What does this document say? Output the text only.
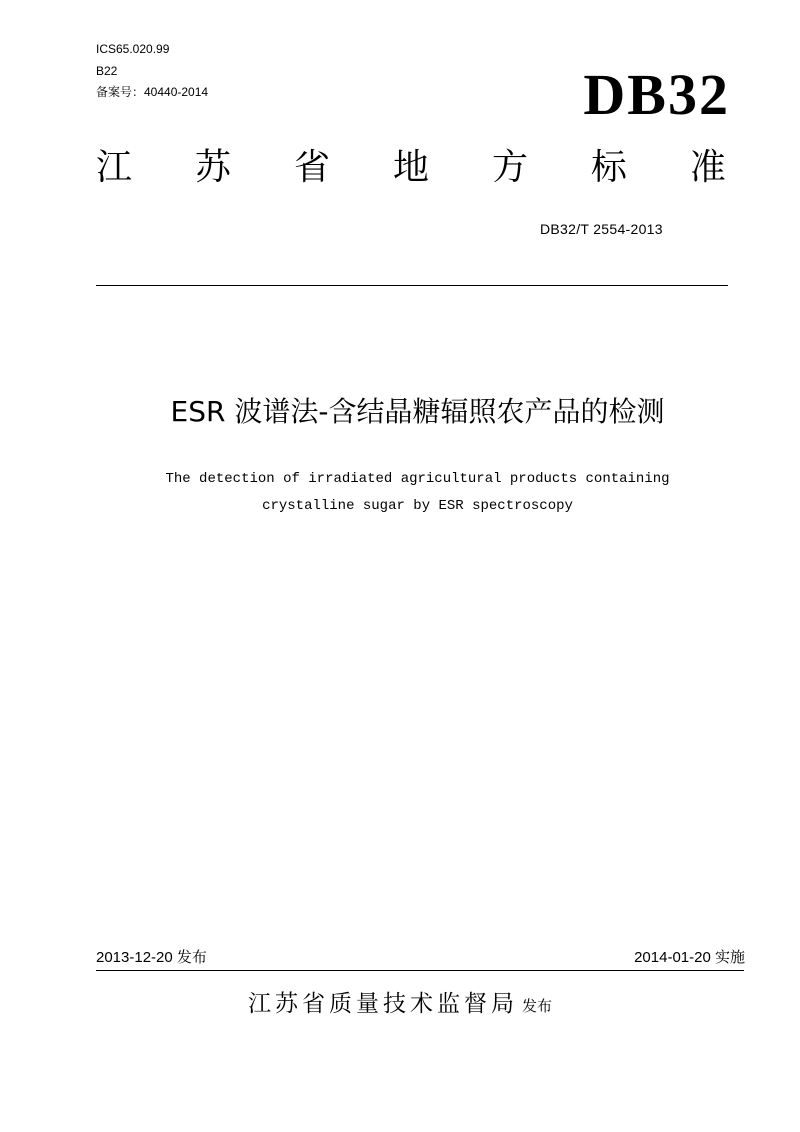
ICS65.020.99
B22
备案号：40440-2014	DB32
江 苏 省 地 方 标 准
DB32/T 2554-2013
ESR 波谱法-含结晶糖辐照农产品的检测
The detection of irradiated agricultural products containing
crystalline sugar by ESR spectroscopy
2013-12-20 发布	2014-01-20 实施
江苏省质量技术监督局 发布
